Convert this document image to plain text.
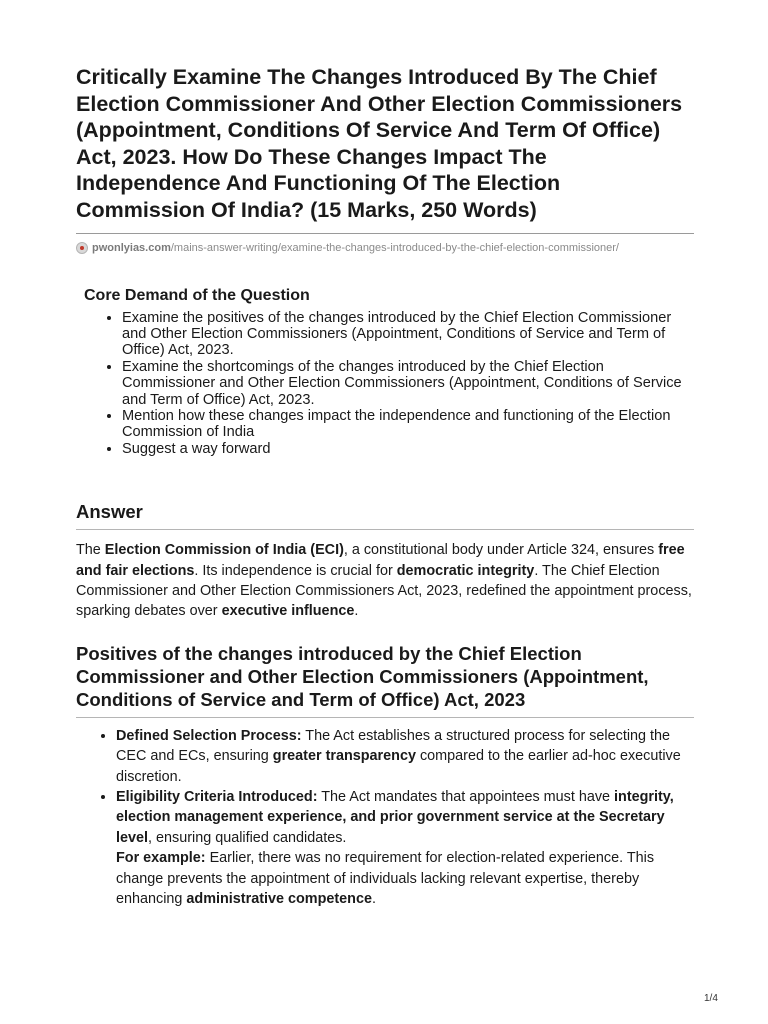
Critically Examine The Changes Introduced By The Chief Election Commissioner And Other Election Commissioners (Appointment, Conditions Of Service And Term Of Office) Act, 2023. How Do These Changes Impact The Independence And Functioning Of The Election Commission Of India? (15 Marks, 250 Words)
pwonlyias.com /mains-answer-writing/examine-the-changes-introduced-by-the-chief-election-commissioner/
Core Demand of the Question
• Examine the positives of the changes introduced by the Chief Election Commissioner and Other Election Commissioners (Appointment, Conditions of Service and Term of Office) Act, 2023.
• Examine the shortcomings of the changes introduced by the Chief Election Commissioner and Other Election Commissioners (Appointment, Conditions of Service and Term of Office) Act, 2023.
• Mention how these changes impact the independence and functioning of the Election Commission of India
• Suggest a way forward
Answer

The Election Commission of India (ECI), a constitutional body under Article 324, ensures free and fair elections. Its independence is crucial for democratic integrity. The Chief Election Commissioner and Other Election Commissioners Act, 2023, redefined the appointment process, sparking debates over executive influence.

Positives of the changes introduced by the Chief Election Commissioner and Other Election Commissioners (Appointment, Conditions of Service and Term of Office) Act, 2023
• Defined Selection Process: The Act establishes a structured process for selecting the CEC and ECs, ensuring greater transparency compared to the earlier ad-hoc executive discretion.
• Eligibility Criteria Introduced: The Act mandates that appointees must have integrity, election management experience, and prior government service at the Secretary level, ensuring qualified candidates.
For example: Earlier, there was no requirement for election-related experience. This change prevents the appointment of individuals lacking relevant expertise, thereby enhancing administrative competence.
1/4
